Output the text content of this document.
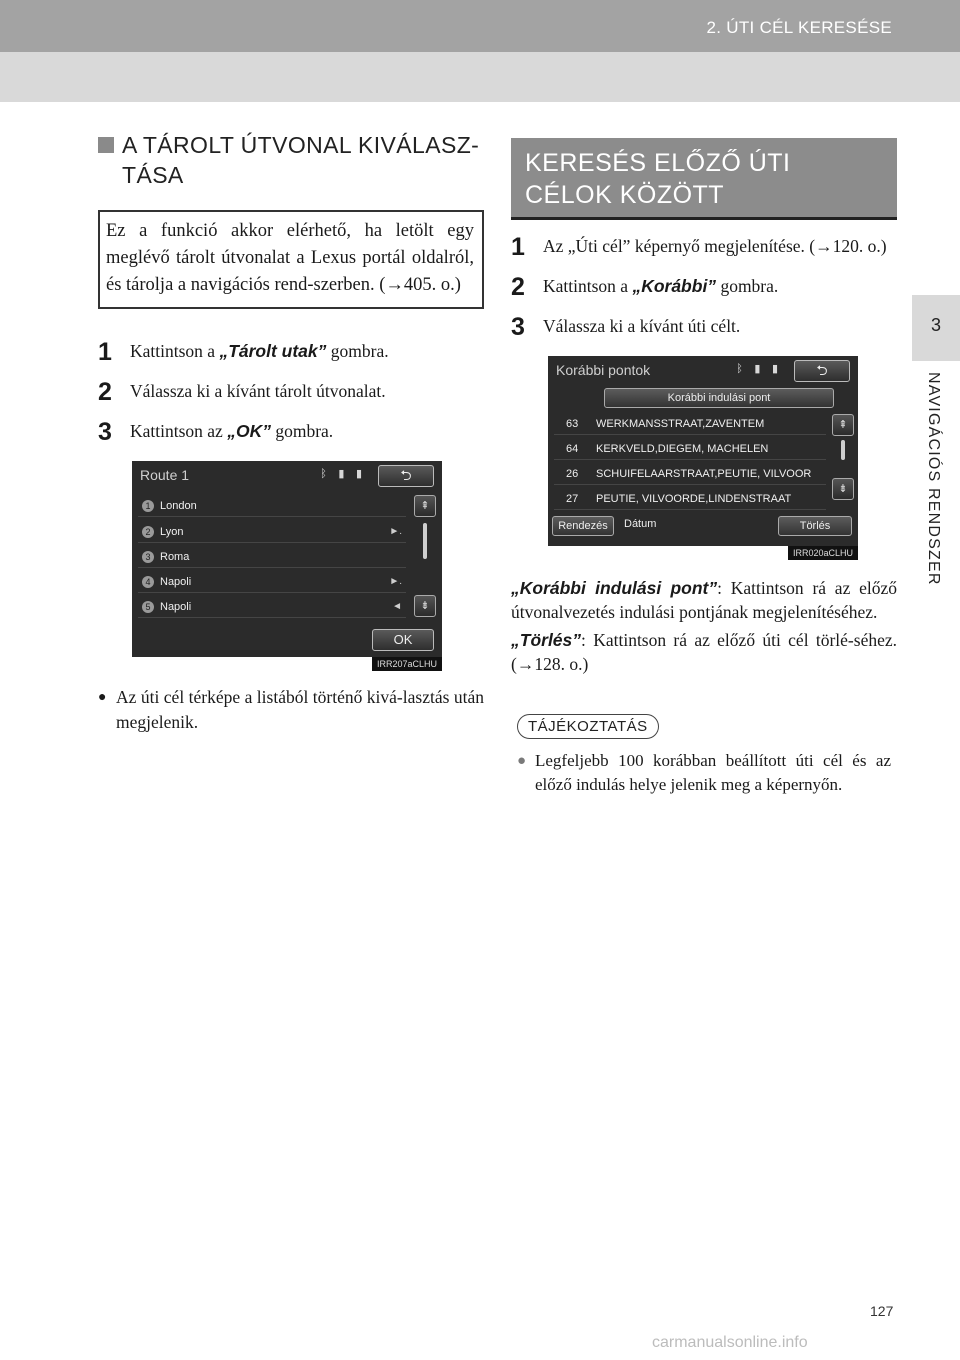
2. ÚTI CÉL KERESÉSE
3
NAVIGÁCIÓS RENDSZER
A TÁROLT ÚTVONAL KIVÁLASZ-TÁSA
Ez a funkció akkor elérhető, ha letölt egy meglévő tárolt útvonalat a Lexus portál oldalról, és tárolja a navigációs rend-szerben. (→405. o.)
1	Kattintson a „Tárolt utak” gombra.
2	Válassza ki a kívánt tárolt útvonalat.
3	Kattintson az „OK” gombra.
Route 1	ᛒ ▮ ▮	⮌
1 London
2 Lyon	►.
3 Roma
4 Napoli	►.
5 Napoli	◄
⇞
⇟
OK
IRR207aCLHU
● Az úti cél térképe a listából történő kivá-lasztás után megjelenik.
KERESÉS ELŐZŐ ÚTI CÉLOK KÖZÖTT
1	Az „Úti cél” képernyő megjelenítése. (→120. o.)
2	Kattintson a „Korábbi” gombra.
3	Válassza ki a kívánt úti célt.
Korábbi pontok	ᛒ ▮ ▮	⮌
Korábbi indulási pont
63 WERKMANSSTRAAT,ZAVENTEM
64 KERKVELD,DIEGEM, MACHELEN
26 SCHUIFELAARSTRAAT,PEUTIE, VILVOOR
27 PEUTIE, VILVOORDE,LINDENSTRAAT
⇞
⇟
Rendezés	Dátum	Törlés
IRR020aCLHU
„Korábbi indulási pont”: Kattintson rá az előző útvonalvezetés indulási pontjának megjelenítéséhez.
„Törlés”: Kattintson rá az előző úti cél törlé-séhez. (→128. o.)
TÁJÉKOZTATÁS
● Legfeljebb 100 korábban beállított úti cél és az előző indulás helye jelenik meg a képernyőn.
127
carmanualsonline.info
